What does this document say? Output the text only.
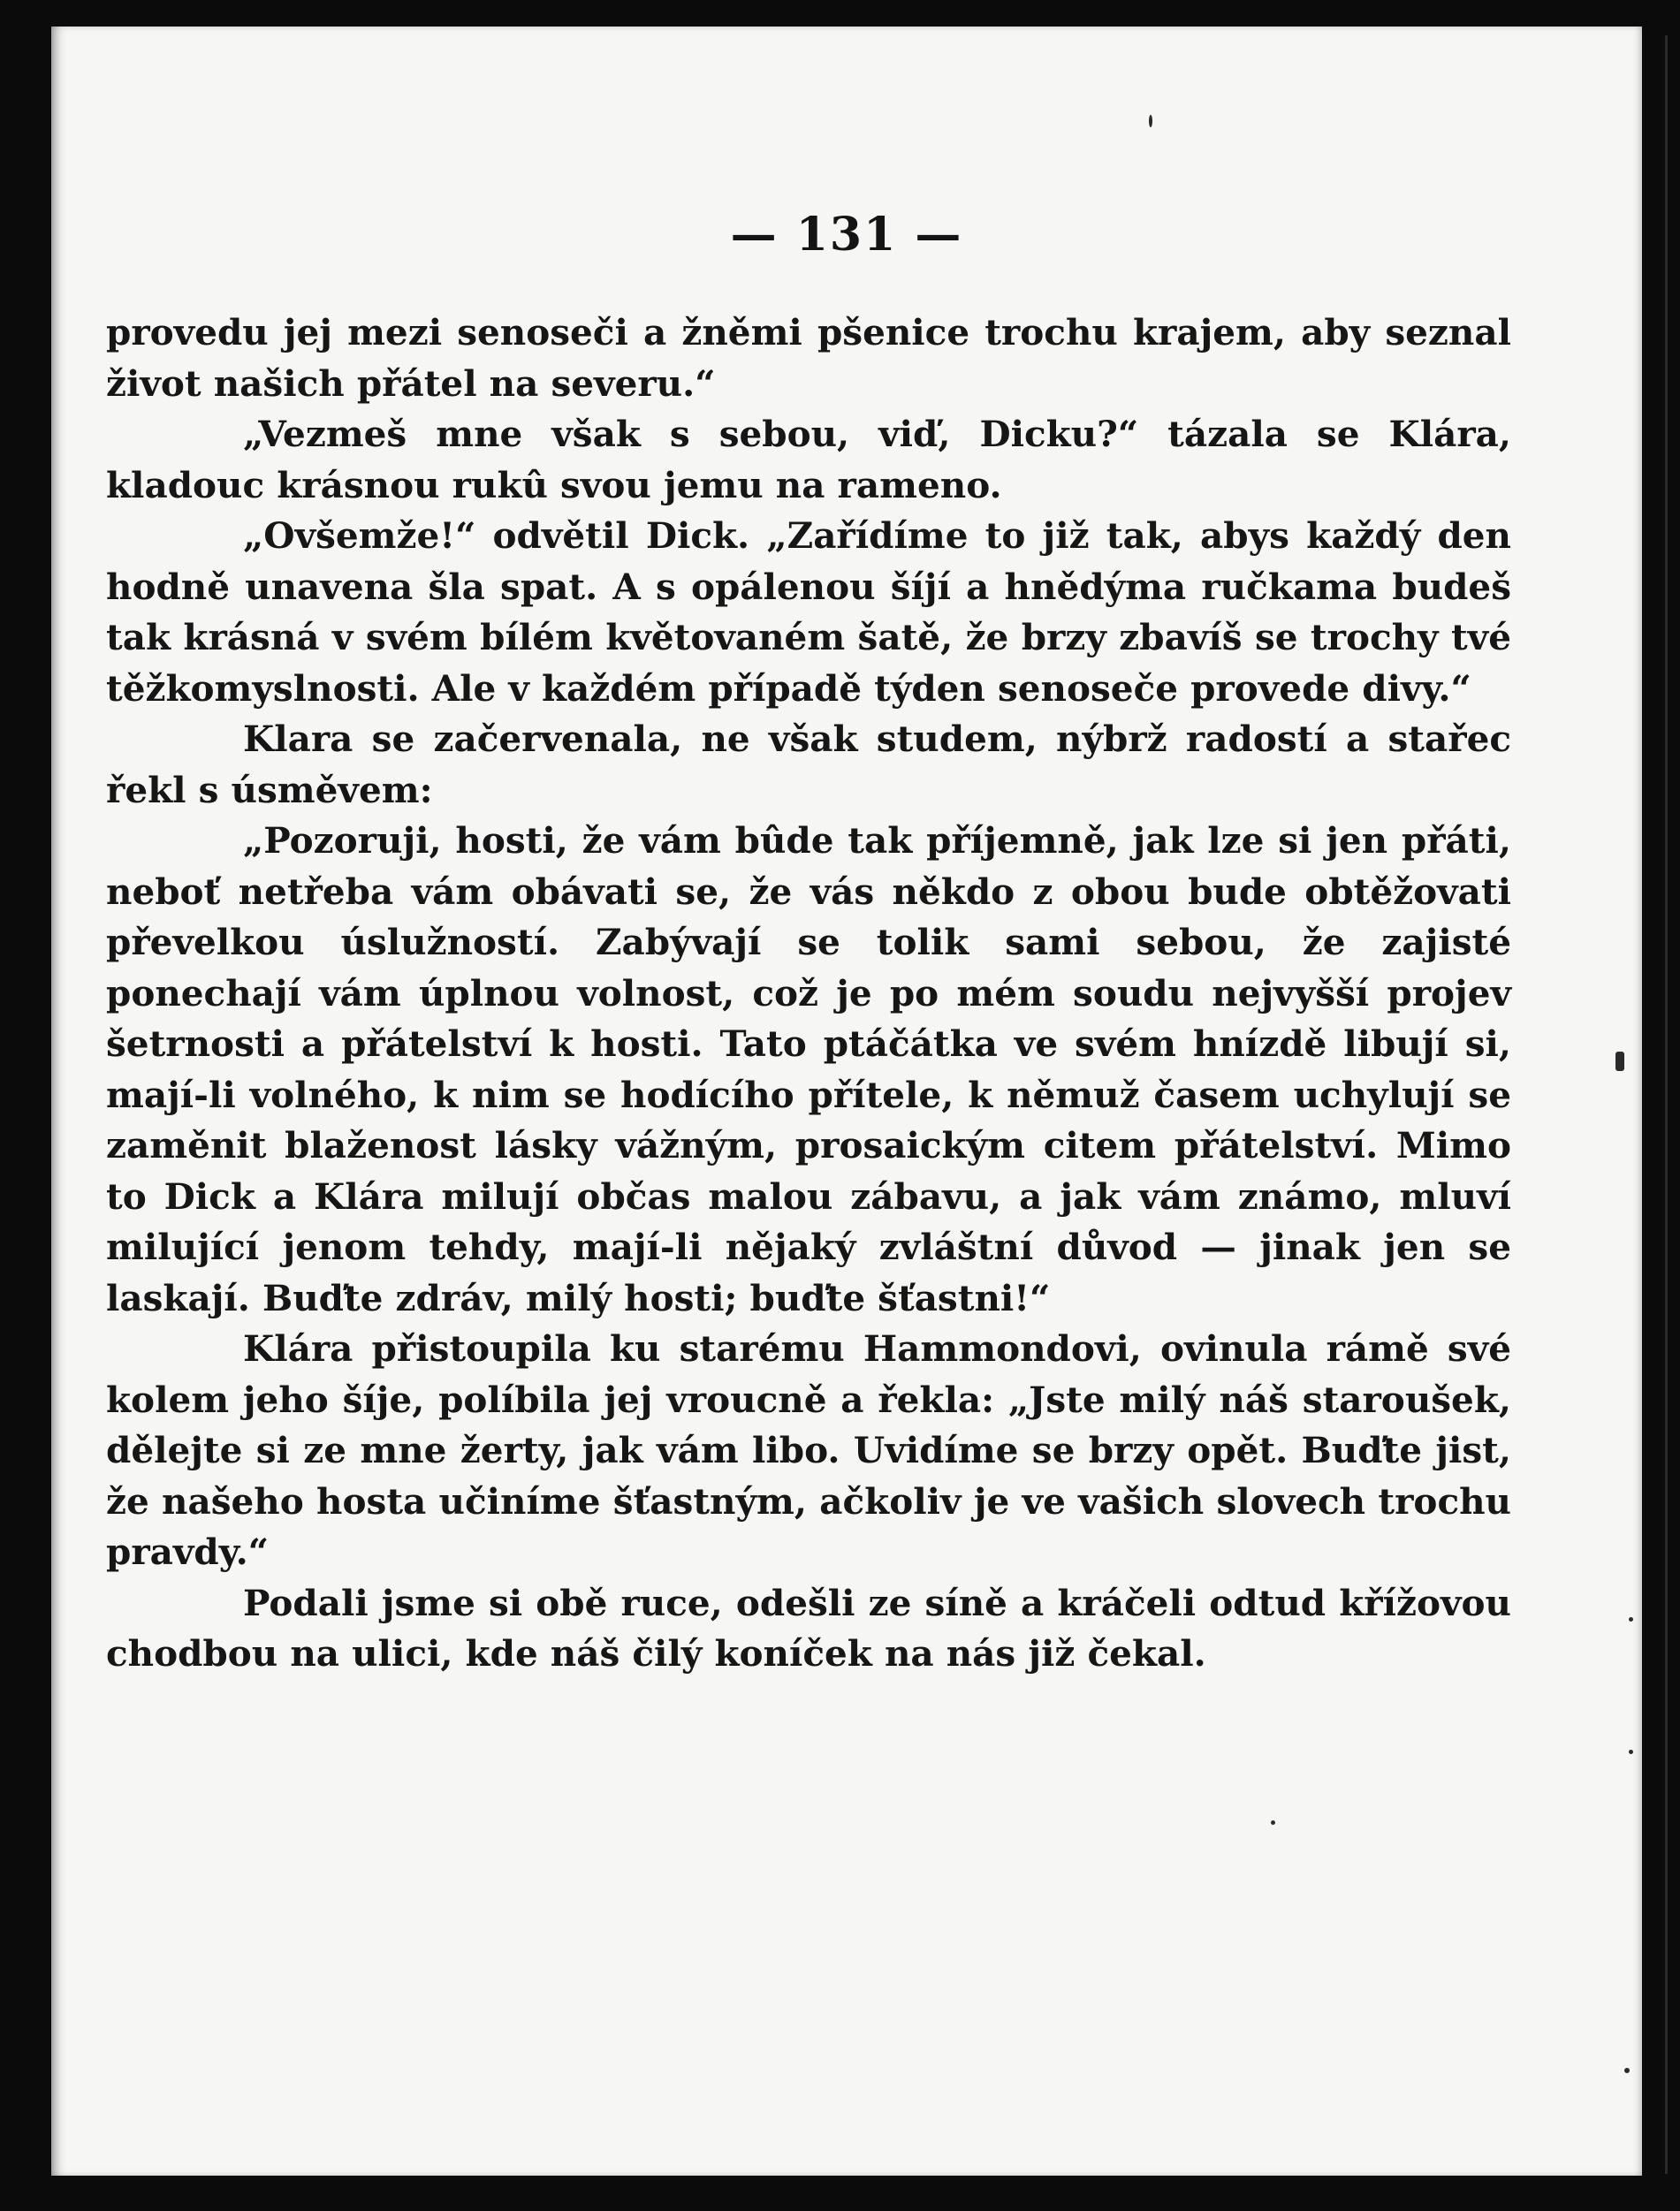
— 131 —

provedu jej mezi senoseči a žněmi pšenice trochu krajem, aby seznal život našich přátel na severu.“

„Vezmeš mne však s sebou, viď, Dicku?“ tázala se Klára, kladouc krásnou rukû svou jemu na rameno.

„Ovšemže!“ odvětil Dick. „Zařídíme to již tak, abys každý den hodně unavena šla spat. A s opálenou šíjí a hnědýma ručkama budeš tak krásná v svém bílém květovaném šatě, že brzy zbavíš se trochy tvé těžkomyslnosti. Ale v každém případě týden senoseče provede divy.“

Klara se začervenala, ne však studem, nýbrž radostí a stařec řekl s úsměvem:

„Pozoruji, hosti, že vám bûde tak příjemně, jak lze si jen přáti, neboť netřeba vám obávati se, že vás někdo z obou bude obtěžovati převelkou úslužností. Zabývají se tolik sami sebou, že zajisté ponechají vám úplnou volnost, což je po mém soudu nejvyšší projev šetrnosti a přátelství k hosti. Tato ptáčátka ve svém hnízdě libují si, mají-li volného, k nim se hodícího přítele, k němuž časem uchylují se zaměnit blaženost lásky vážným, prosaickým citem přátelství. Mimo to Dick a Klára milují občas malou zábavu, a jak vám známo, mluví milující jenom tehdy, mají-li nějaký zvláštní důvod — jinak jen se laskají. Buďte zdráv, milý hosti; buďte šťastni!“

Klára přistoupila ku starému Hammondovi, ovinula rámě své kolem jeho šíje, políbila jej vroucně a řekla: „Jste milý náš staroušek, dělejte si ze mne žerty, jak vám libo. Uvidíme se brzy opět. Buďte jist, že našeho hosta učiníme šťastným, ačkoliv je ve vašich slovech trochu pravdy.“

Podali jsme si obě ruce, odešli ze síně a kráčeli odtud křížovou chodbou na ulici, kde náš čilý koníček na nás již čekal.
